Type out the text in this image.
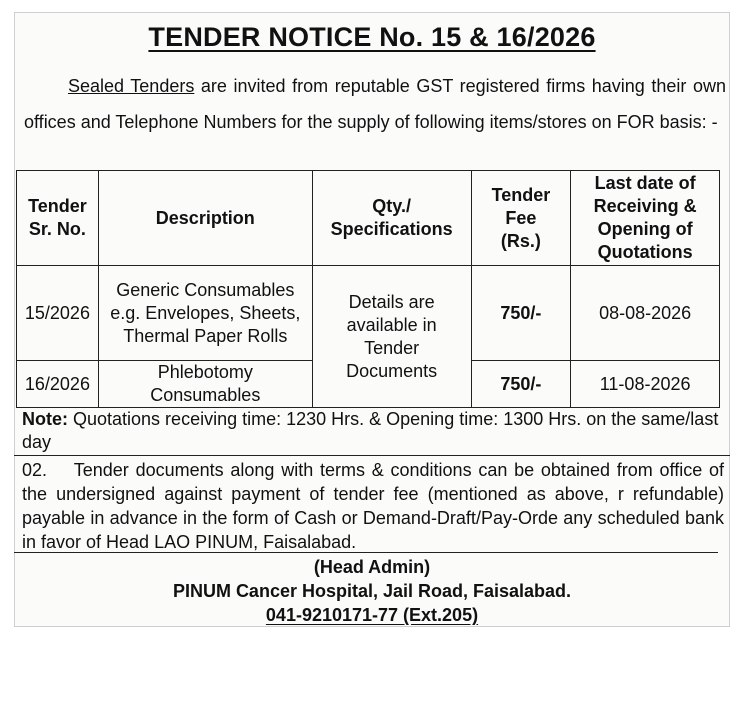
TENDER NOTICE No. 15 & 16/2026
Sealed Tenders are invited from reputable GST registered firms having their own offices and Telephone Numbers for the supply of following items/stores on FOR basis: -
Tender Sr. No.	Description	Qty./ Specifications	Tender Fee (Rs.)	Last date of Receiving & Opening of Quotations

15/2026	Generic Consumables e.g. Envelopes, Sheets, Thermal Paper Rolls	Details are available in Tender Documents	750/-	08-08-2026
16/2026	Phlebotomy Consumables		750/-	11-08-2026
Note: Quotations receiving time: 1230 Hrs. & Opening time: 1300 Hrs. on the same/last day
02.    Tender documents along with terms & conditions can be obtained from office of the undersigned against payment of tender fee (mentioned as above, r refundable) payable in advance in the form of Cash or Demand-Draft/Pay-Orde any scheduled bank in favor of Head LAO PINUM, Faisalabad.
(Head Admin)
PINUM Cancer Hospital, Jail Road, Faisalabad.
041-9210171-77 (Ext.205)
